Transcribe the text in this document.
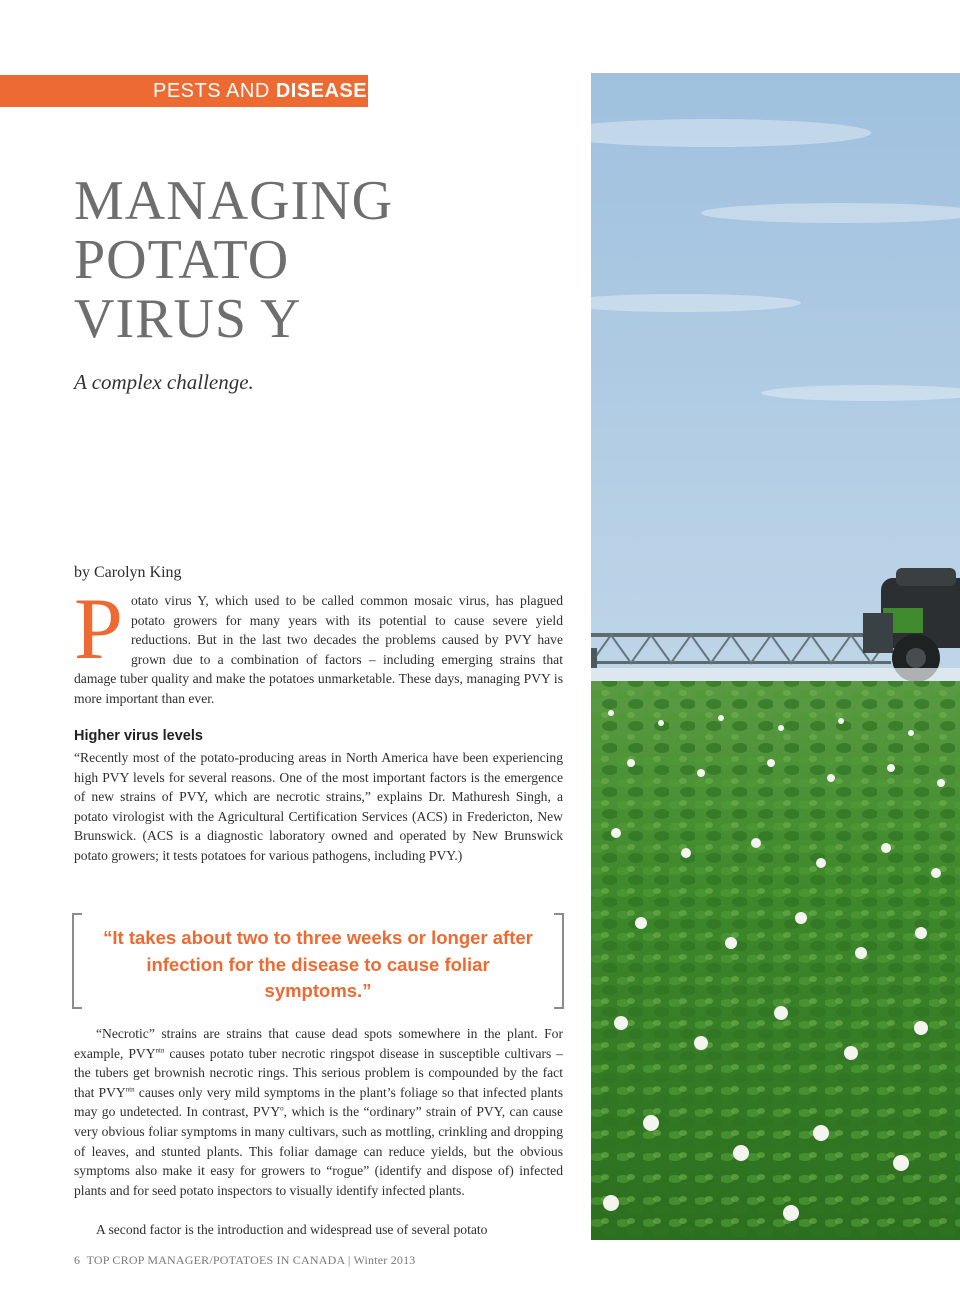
PESTS AND DISEASES
MANAGING
POTATO
VIRUS Y

A complex challenge.

by Carolyn King

Potato virus Y, which used to be called common mosaic virus, has plagued potato growers for many years with its potential to cause severe yield reductions. But in the last two decades the problems caused by PVY have grown due to a combination of factors – including emerging strains that damage tuber quality and make the potatoes unmarketable. These days, managing PVY is more important than ever.

Higher virus levels

“Recently most of the potato-producing areas in North America have been experiencing high PVY levels for several reasons. One of the most important factors is the emergence of new strains of PVY, which are necrotic strains,” explains Dr. Mathuresh Singh, a potato virologist with the Agricultural Certification Services (ACS) in Fredericton, New Brunswick. (ACS is a diagnostic laboratory owned and operated by New Brunswick potato growers; it tests potatoes for various pathogens, including PVY.)

“It takes about two to three weeks or longer after infection for the disease to cause foliar symptoms.”

“Necrotic” strains are strains that cause dead spots somewhere in the plant. For example, $PVY^{ntn}$ causes potato tuber necrotic ringspot disease in susceptible cultivars – the tubers get brownish necrotic rings. This serious problem is compounded by the fact that $PVY^{ntn}$ causes only very mild symptoms in the plant’s foliage so that infected plants may go undetected. In contrast, PVY$^o$, which is the “ordinary” strain of PVY, can cause very obvious foliar symptoms in many cultivars, such as mottling, crinkling and dropping of leaves, and stunted plants. This foliar damage can reduce yields, but the obvious symptoms also make it easy for growers to “rogue” (identify and dispose of) infected plants and for seed potato inspectors to visually identify infected plants.

A second factor is the introduction and widespread use of several potato

6 TOP CROP MANAGER/POTATOES IN CANADA | Winter 2013
